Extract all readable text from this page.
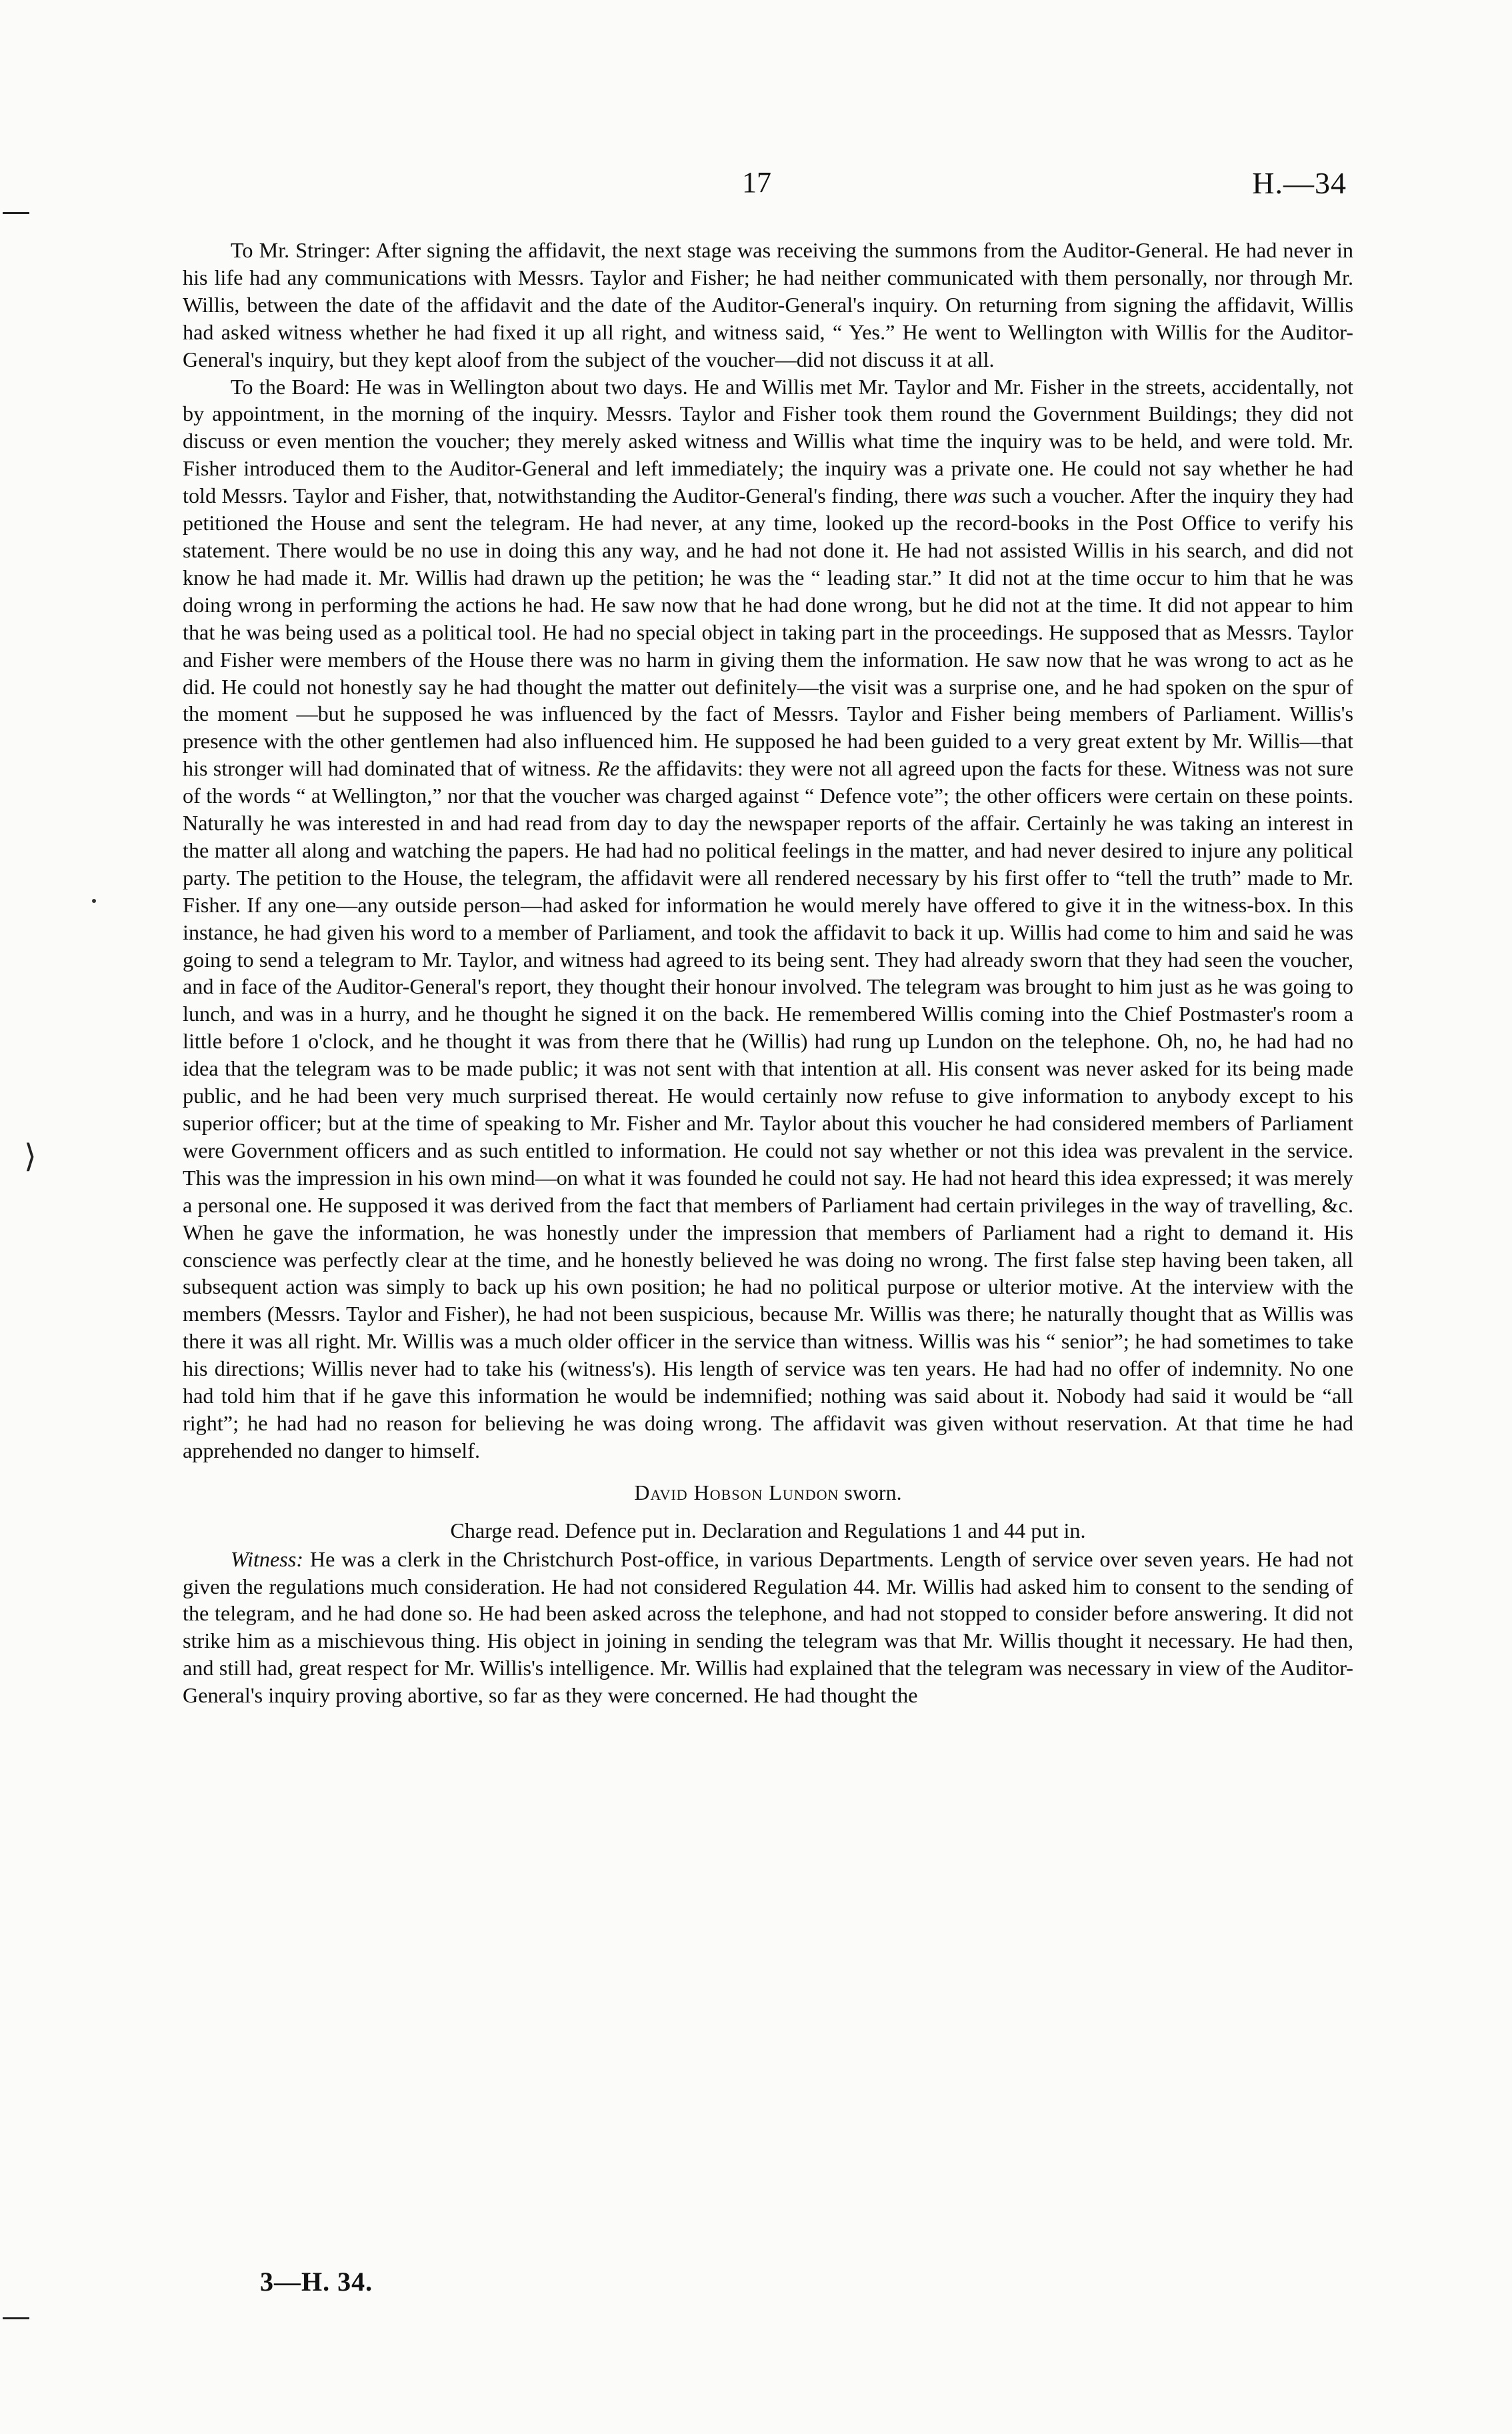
⟩
17	H.—34

To Mr. Stringer: After signing the affidavit, the next stage was receiving the summons from the Auditor-General. He had never in his life had any communications with Messrs. Taylor and Fisher; he had neither communicated with them personally, nor through Mr. Willis, between the date of the affidavit and the date of the Auditor-General's inquiry. On returning from signing the affidavit, Willis had asked witness whether he had fixed it up all right, and witness said, “ Yes.” He went to Wellington with Willis for the Auditor-General's inquiry, but they kept aloof from the subject of the voucher—did not discuss it at all.

To the Board: He was in Wellington about two days. He and Willis met Mr. Taylor and Mr. Fisher in the streets, accidentally, not by appointment, in the morning of the inquiry. Messrs. Taylor and Fisher took them round the Government Buildings; they did not discuss or even mention the voucher; they merely asked witness and Willis what time the inquiry was to be held, and were told. Mr. Fisher introduced them to the Auditor-General and left immediately; the inquiry was a private one. He could not say whether he had told Messrs. Taylor and Fisher, that, notwithstanding the Auditor-General's finding, there was such a voucher. After the inquiry they had petitioned the House and sent the telegram. He had never, at any time, looked up the record-books in the Post Office to verify his statement. There would be no use in doing this any way, and he had not done it. He had not assisted Willis in his search, and did not know he had made it. Mr. Willis had drawn up the petition; he was the “ leading star.” It did not at the time occur to him that he was doing wrong in performing the actions he had. He saw now that he had done wrong, but he did not at the time. It did not appear to him that he was being used as a political tool. He had no special object in taking part in the proceedings. He supposed that as Messrs. Taylor and Fisher were members of the House there was no harm in giving them the information. He saw now that he was wrong to act as he did. He could not honestly say he had thought the matter out definitely—the visit was a surprise one, and he had spoken on the spur of the moment —but he supposed he was influenced by the fact of Messrs. Taylor and Fisher being members of Parliament. Willis's presence with the other gentlemen had also influenced him. He supposed he had been guided to a very great extent by Mr. Willis—that his stronger will had dominated that of witness. Re the affidavits: they were not all agreed upon the facts for these. Witness was not sure of the words “ at Wellington,” nor that the voucher was charged against “ Defence vote”; the other officers were certain on these points. Naturally he was interested in and had read from day to day the newspaper reports of the affair. Certainly he was taking an interest in the matter all along and watching the papers. He had had no political feelings in the matter, and had never desired to injure any political party. The petition to the House, the telegram, the affidavit were all rendered necessary by his first offer to “tell the truth” made to Mr. Fisher. If any one—any outside person—had asked for information he would merely have offered to give it in the witness-box. In this instance, he had given his word to a member of Parliament, and took the affidavit to back it up. Willis had come to him and said he was going to send a telegram to Mr. Taylor, and witness had agreed to its being sent. They had already sworn that they had seen the voucher, and in face of the Auditor-General's report, they thought their honour involved. The telegram was brought to him just as he was going to lunch, and was in a hurry, and he thought he signed it on the back. He remembered Willis coming into the Chief Postmaster's room a little before 1 o'clock, and he thought it was from there that he (Willis) had rung up Lundon on the telephone. Oh, no, he had had no idea that the telegram was to be made public; it was not sent with that intention at all. His consent was never asked for its being made public, and he had been very much surprised thereat. He would certainly now refuse to give information to anybody except to his superior officer; but at the time of speaking to Mr. Fisher and Mr. Taylor about this voucher he had considered members of Parliament were Government officers and as such entitled to information. He could not say whether or not this idea was prevalent in the service. This was the impression in his own mind—on what it was founded he could not say. He had not heard this idea expressed; it was merely a personal one. He supposed it was derived from the fact that members of Parliament had certain privileges in the way of travelling, &c. When he gave the information, he was honestly under the impression that members of Parliament had a right to demand it. His conscience was perfectly clear at the time, and he honestly believed he was doing no wrong. The first false step having been taken, all subsequent action was simply to back up his own position; he had no political purpose or ulterior motive. At the interview with the members (Messrs. Taylor and Fisher), he had not been suspicious, because Mr. Willis was there; he naturally thought that as Willis was there it was all right. Mr. Willis was a much older officer in the service than witness. Willis was his “ senior”; he had sometimes to take his directions; Willis never had to take his (witness's). His length of service was ten years. He had had no offer of indemnity. No one had told him that if he gave this information he would be indemnified; nothing was said about it. Nobody had said it would be “all right”; he had had no reason for believing he was doing wrong. The affidavit was given without reservation. At that time he had apprehended no danger to himself.

David Hobson Lundon sworn.
Charge read. Defence put in. Declaration and Regulations 1 and 44 put in.

Witness: He was a clerk in the Christchurch Post-office, in various Departments. Length of service over seven years. He had not given the regulations much consideration. He had not considered Regulation 44. Mr. Willis had asked him to consent to the sending of the telegram, and he had done so. He had been asked across the telephone, and had not stopped to consider before answering. It did not strike him as a mischievous thing. His object in joining in sending the telegram was that Mr. Willis thought it necessary. He had then, and still had, great respect for Mr. Willis's intelligence. Mr. Willis had explained that the telegram was necessary in view of the Auditor-General's inquiry proving abortive, so far as they were concerned. He had thought the

3—H. 34.
